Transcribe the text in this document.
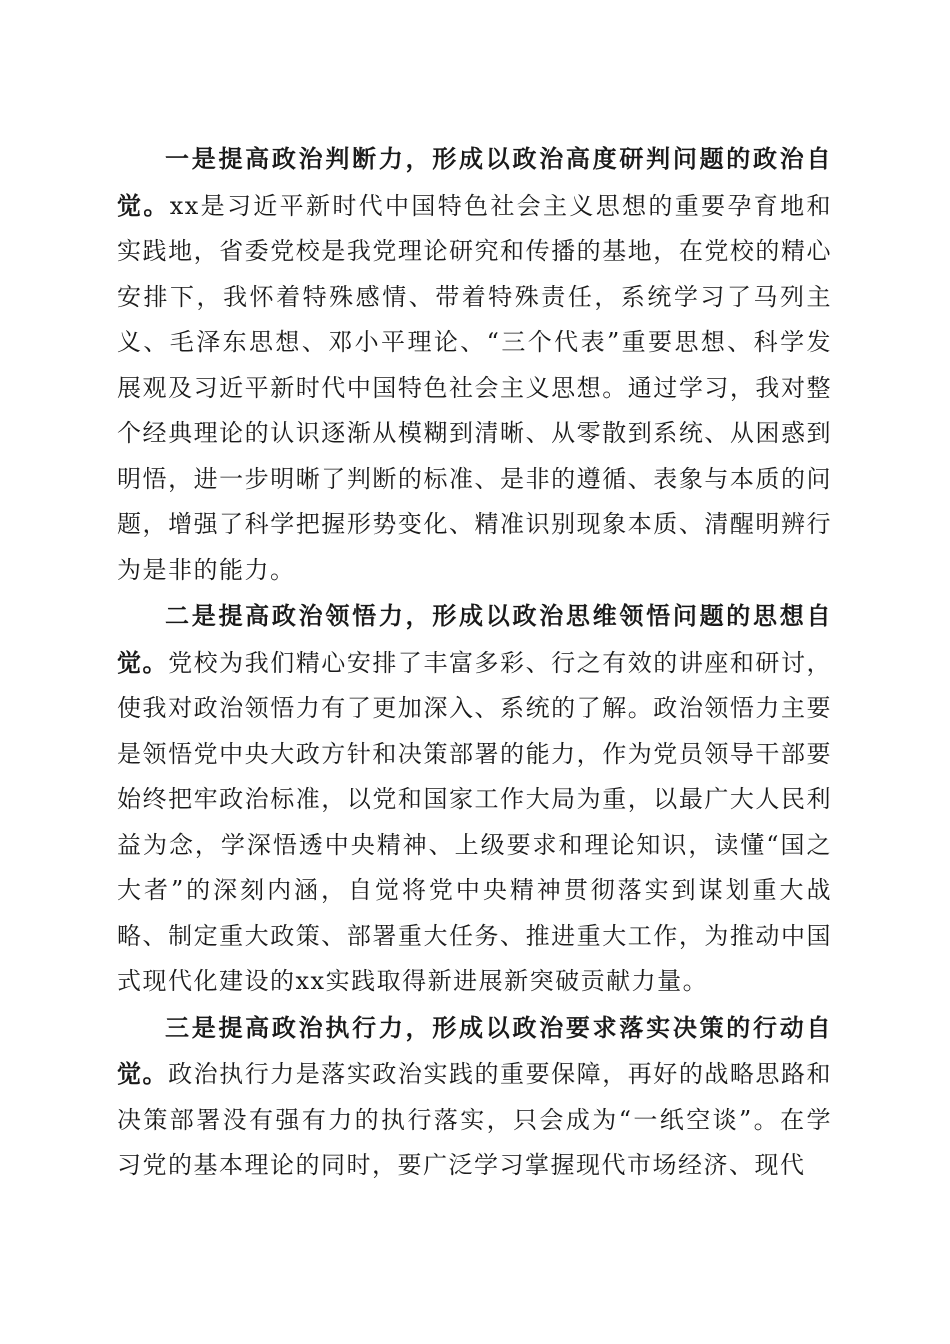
一是提高政治判断力，形成以政治高度研判问题的政治自觉。xx是习近平新时代中国特色社会主义思想的重要孕育地和实践地，省委党校是我党理论研究和传播的基地，在党校的精心安排下，我怀着特殊感情、带着特殊责任，系统学习了马列主义、毛泽东思想、邓小平理论、“三个代表”重要思想、科学发展观及习近平新时代中国特色社会主义思想。通过学习，我对整个经典理论的认识逐渐从模糊到清晰、从零散到系统、从困惑到明悟，进一步明晰了判断的标准、是非的遵循、表象与本质的问题，增强了科学把握形势变化、精准识别现象本质、清醒明辨行为是非的能力。

二是提高政治领悟力，形成以政治思维领悟问题的思想自觉。党校为我们精心安排了丰富多彩、行之有效的讲座和研讨，使我对政治领悟力有了更加深入、系统的了解。政治领悟力主要是领悟党中央大政方针和决策部署的能力，作为党员领导干部要始终把牢政治标准，以党和国家工作大局为重，以最广大人民利益为念，学深悟透中央精神、上级要求和理论知识，读懂“国之大者”的深刻内涵，自觉将党中央精神贯彻落实到谋划重大战略、制定重大政策、部署重大任务、推进重大工作，为推动中国式现代化建设的xx实践取得新进展新突破贡献力量。

三是提高政治执行力，形成以政治要求落实决策的行动自觉。政治执行力是落实政治实践的重要保障，再好的战略思路和决策部署没有强有力的执行落实，只会成为“一纸空谈”。在学习党的基本理论的同时，要广泛学习掌握现代市场经济、现代
